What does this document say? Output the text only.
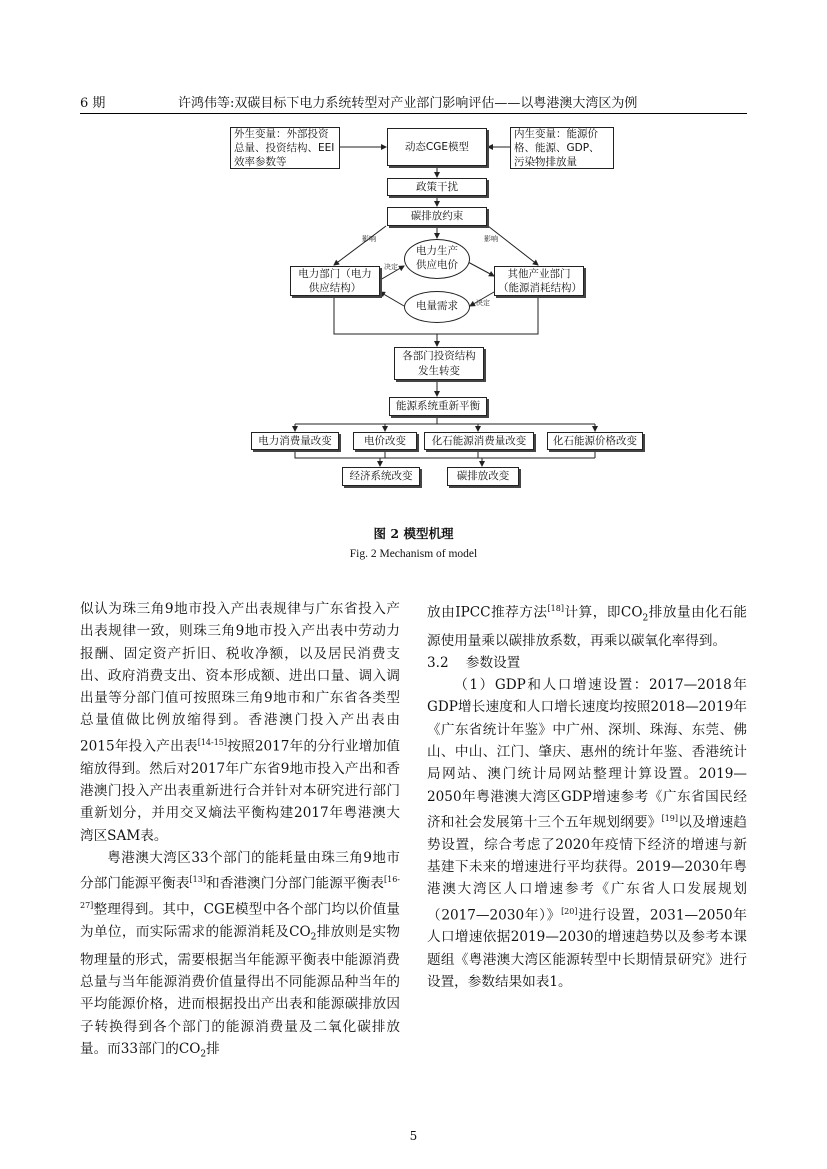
6 期	许鸿伟等:双碳目标下电力系统转型对产业部门影响评估——以粤港澳大湾区为例
外生变量：外部投资总量、投资结构、EEI效率参数等
动态CGE模型
内生变量：能源价格、能源、GDP、污染物排放量
政策干扰
碳排放约束
影响	影响
电力生产供应电价
电力部门（电力供应结构）
其他产业部门（能源消耗结构）
决定
决定
电量需求
各部门投资结构发生转变
能源系统重新平衡
电力消费量改变	电价改变	化石能源消费量改变	化石能源价格改变
经济系统改变	碳排放改变
图 2 模型机理
Fig. 2 Mechanism of model

似认为珠三角9地市投入产出表规律与广东省投入产出表规律一致，则珠三角9地市投入产出表中劳动力报酬、固定资产折旧、税收净额，以及居民消费支出、政府消费支出、资本形成额、进出口量、调入调出量等分部门值可按照珠三角9地市和广东省各类型总量值做比例放缩得到。香港澳门投入产出表由2015年投入产出表[14-15]按照2017年的分行业增加值缩放得到。然后对2017年广东省9地市投入产出和香港澳门投入产出表重新进行合并针对本研究进行部门重新划分，并用交叉熵法平衡构建2017年粤港澳大湾区SAM表。

粤港澳大湾区33个部门的能耗量由珠三角9地市分部门能源平衡表[13]和香港澳门分部门能源平衡表[16-27]整理得到。其中，CGE模型中各个部门均以价值量为单位，而实际需求的能源消耗及$CO_2$排放则是实物物理量的形式，需要根据当年能源平衡表中能源消费总量与当年能源消费价值量得出不同能源品种当年的平均能源价格，进而根据投出产出表和能源碳排放因子转换得到各个部门的能源消费量及二氧化碳排放量。而33部门的$CO_2$排

放由IPCC推荐方法[18]计算，即$CO_2$排放量由化石能源使用量乘以碳排放系数，再乘以碳氧化率得到。

3.2    参数设置

（1）GDP和人口增速设置：2017—2018年GDP增长速度和人口增长速度均按照2018—2019年《广东省统计年鉴》中广州、深圳、珠海、东莞、佛山、中山、江门、肇庆、惠州的统计年鉴、香港统计局网站、澳门统计局网站整理计算设置。2019—2050年粤港澳大湾区GDP增速参考《广东省国民经济和社会发展第十三个五年规划纲要》[19]以及增速趋势设置，综合考虑了2020年疫情下经济的增速与新基建下未来的增速进行平均获得。2019—2030年粤港澳大湾区人口增速参考《广东省人口发展规划（2017—2030年）》[20]进行设置，2031—2050年人口增速依据2019—2030的增速趋势以及参考本课题组《粤港澳大湾区能源转型中长期情景研究》进行设置，参数结果如表1。

5
